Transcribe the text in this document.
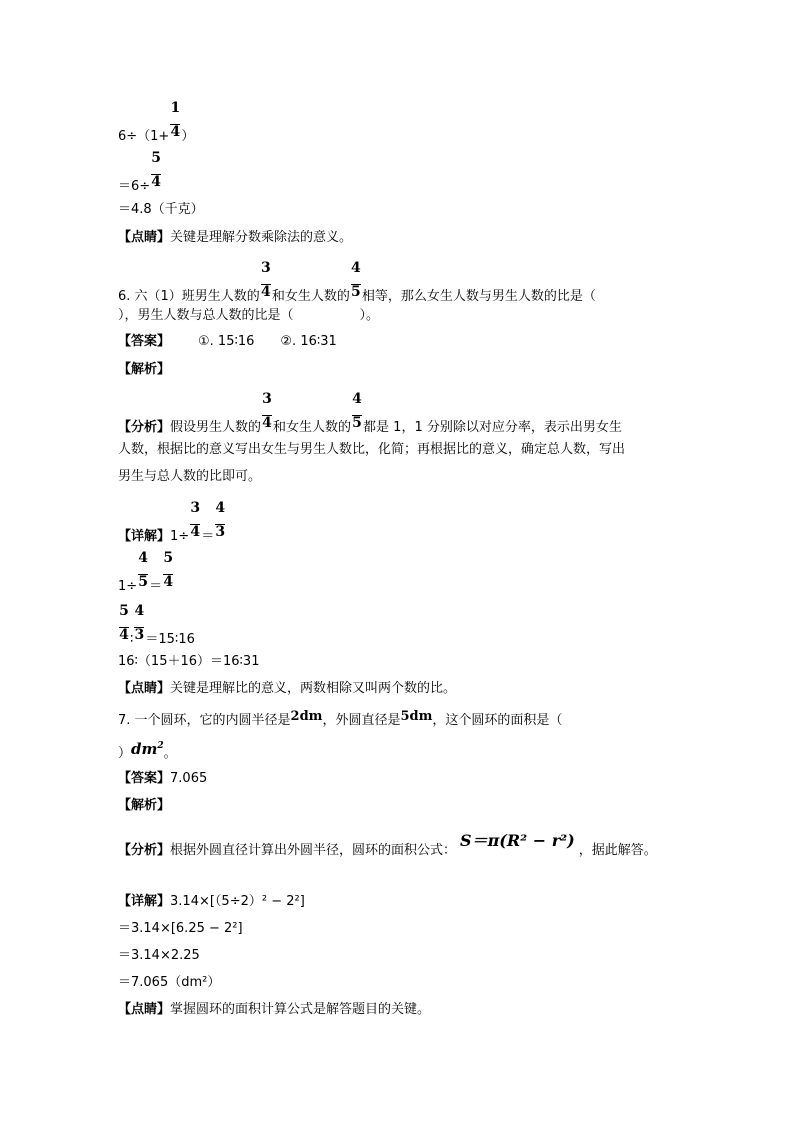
$6\div(1+ \frac{1}{4}$ ）
$=6\div \frac{5}{4}$
＝4.8（千克）
【点睛】关键是理解分数乘除法的意义。
6. 六（1）班男生人数的 $\frac{3}{4}$ 和女生人数的 $\frac{4}{5}$ 相等，那么女生人数与男生人数的比是（
），男生人数与总人数的比是（	）。
【答案】 ①. 15∶16 ②. 16∶31
【解析】
【分析】假设男生人数的 $\frac{3}{4}$ 和女生人数的 $\frac{4}{5}$ 都是 1，1 分别除以对应分率，表示出男女生
人数，根据比的意义写出女生与男生人数比，化简；再根据比的意义，确定总人数，写出
男生与总人数的比即可。
【详解】$1\div \frac{3}{4} = \frac{4}{3}$
$1\div \frac{4}{5} = \frac{5}{4}$
$\frac{5}{4}$ ∶ $\frac{4}{3}$ ＝15∶16
16∶（15＋16）＝16∶31
【点睛】关键是理解比的意义，两数相除又叫两个数的比。
7. 一个圆环，它的内圆半径是2dm，外圆直径是5dm，这个圆环的面积是（
）$dm^2$。
【答案】7.065
【解析】
【分析】根据外圆直径计算出外圆半径，圆环的面积公式：S＝π(R² − r²)，据此解答。
【详解】3.14×[（5÷2）² − 2²]
＝3.14×[6.25 − 2²]
＝3.14×2.25
＝7.065（dm²）
【点睛】掌握圆环的面积计算公式是解答题目的关键。
